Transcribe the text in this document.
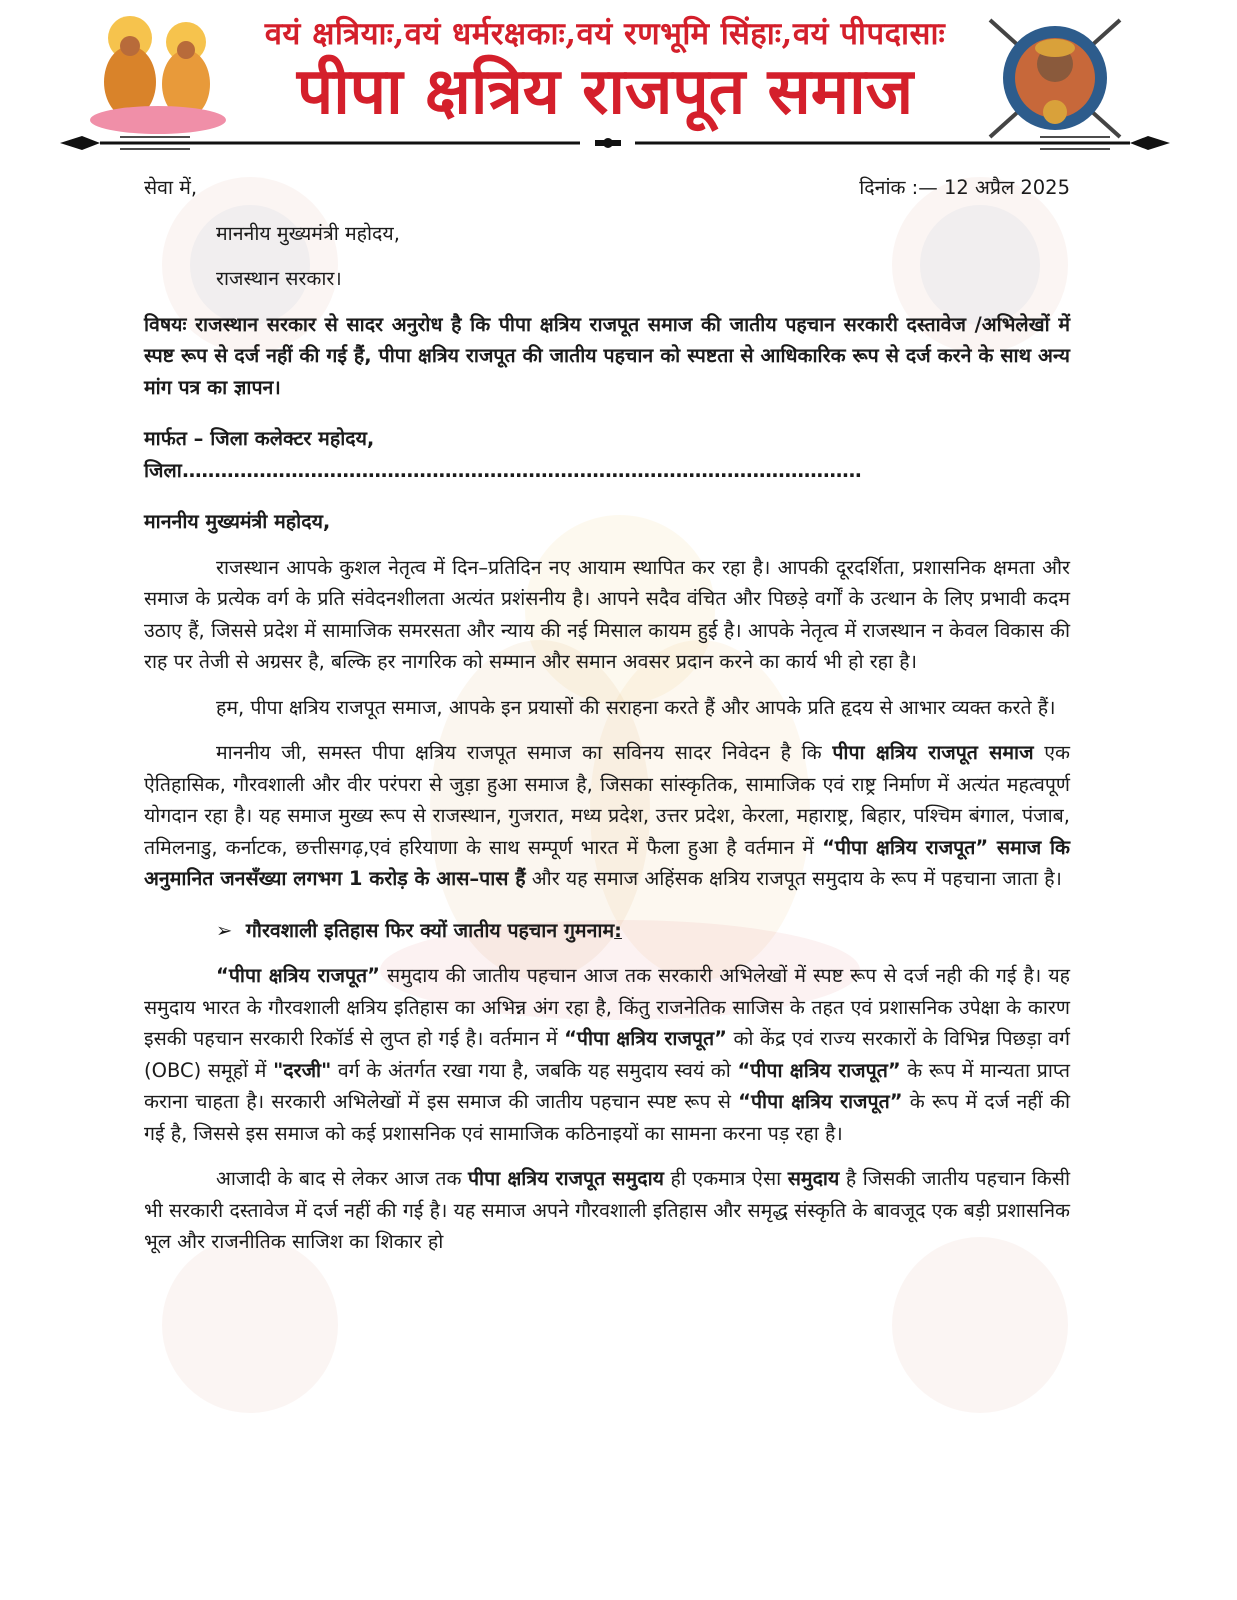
वयं क्षत्रियाः,वयं धर्मरक्षकाः,वयं रणभूमि सिंहाः,वयं पीपदासाः
पीपा क्षत्रिय राजपूत समाज
सेवा में,	दिनांक :— 12 अप्रैल 2025

माननीय मुख्यमंत्री महोदय,

राजस्थान सरकार।

विषयः राजस्थान सरकार से सादर अनुरोध है कि पीपा क्षत्रिय राजपूत समाज की जातीय पहचान सरकारी दस्तावेज /अभिलेखों में स्पष्ट रूप से दर्ज नहीं की गई हैं, पीपा क्षत्रिय राजपूत की जातीय पहचान को स्पष्टता से आधिकारिक रूप से दर्ज करने के साथ अन्य मांग पत्र का ज्ञापन।

मार्फत – जिला कलेक्टर महोदय, जिला..........................................................................................................

माननीय मुख्यमंत्री महोदय,

राजस्थान आपके कुशल नेतृत्व में दिन–प्रतिदिन नए आयाम स्थापित कर रहा है। आपकी दूरदर्शिता, प्रशासनिक क्षमता और समाज के प्रत्येक वर्ग के प्रति संवेदनशीलता अत्यंत प्रशंसनीय है। आपने सदैव वंचित और पिछड़े वर्गों के उत्थान के लिए प्रभावी कदम उठाए हैं, जिससे प्रदेश में सामाजिक समरसता और न्याय की नई मिसाल कायम हुई है। आपके नेतृत्व में राजस्थान न केवल विकास की राह पर तेजी से अग्रसर है, बल्कि हर नागरिक को सम्मान और समान अवसर प्रदान करने का कार्य भी हो रहा है।

हम, पीपा क्षत्रिय राजपूत समाज, आपके इन प्रयासों की सराहना करते हैं और आपके प्रति हृदय से आभार व्यक्त करते हैं।

माननीय जी, समस्त पीपा क्षत्रिय राजपूत समाज का सविनय सादर निवेदन है कि पीपा क्षत्रिय राजपूत समाज एक ऐतिहासिक, गौरवशाली और वीर परंपरा से जुड़ा हुआ समाज है, जिसका सांस्कृतिक, सामाजिक एवं राष्ट्र निर्माण में अत्यंत महत्वपूर्ण योगदान रहा है। यह समाज मुख्य रूप से राजस्थान, गुजरात, मध्य प्रदेश, उत्तर प्रदेश, केरला, महाराष्ट्र, बिहार, पश्चिम बंगाल, पंजाब, तमिलनाडु, कर्नाटक, छत्तीसगढ़,एवं हरियाणा के साथ सम्पूर्ण भारत में फैला हुआ है वर्तमान में “पीपा क्षत्रिय राजपूत” समाज कि अनुमानित जनसँख्या लगभग 1 करोड़ के आस–पास हैं और यह समाज अहिंसक क्षत्रिय राजपूत समुदाय के रूप में पहचाना जाता है।

➢ गौरवशाली इतिहास फिर क्यों जातीय पहचान गुमनाम:

“पीपा क्षत्रिय राजपूत” समुदाय की जातीय पहचान आज तक सरकारी अभिलेखों में स्पष्ट रूप से दर्ज नही की गई है। यह समुदाय भारत के गौरवशाली क्षत्रिय इतिहास का अभिन्न अंग रहा है, किंतु राजनेतिक साजिस के तहत एवं प्रशासनिक उपेक्षा के कारण इसकी पहचान सरकारी रिकॉर्ड से लुप्त हो गई है। वर्तमान में “पीपा क्षत्रिय राजपूत” को केंद्र एवं राज्य सरकारों के विभिन्न पिछड़ा वर्ग (OBC) समूहों में "दरजी" वर्ग के अंतर्गत रखा गया है, जबकि यह समुदाय स्वयं को “पीपा क्षत्रिय राजपूत” के रूप में मान्यता प्राप्त कराना चाहता है। सरकारी अभिलेखों में इस समाज की जातीय पहचान स्पष्ट रूप से “पीपा क्षत्रिय राजपूत” के रूप में दर्ज नहीं की गई है, जिससे इस समाज को कई प्रशासनिक एवं सामाजिक कठिनाइयों का सामना करना पड़ रहा है।

आजादी के बाद से लेकर आज तक पीपा क्षत्रिय राजपूत समुदाय ही एकमात्र ऐसा समुदाय है जिसकी जातीय पहचान किसी भी सरकारी दस्तावेज में दर्ज नहीं की गई है। यह समाज अपने गौरवशाली इतिहास और समृद्ध संस्कृति के बावजूद एक बड़ी प्रशासनिक भूल और राजनीतिक साजिश का शिकार हो
